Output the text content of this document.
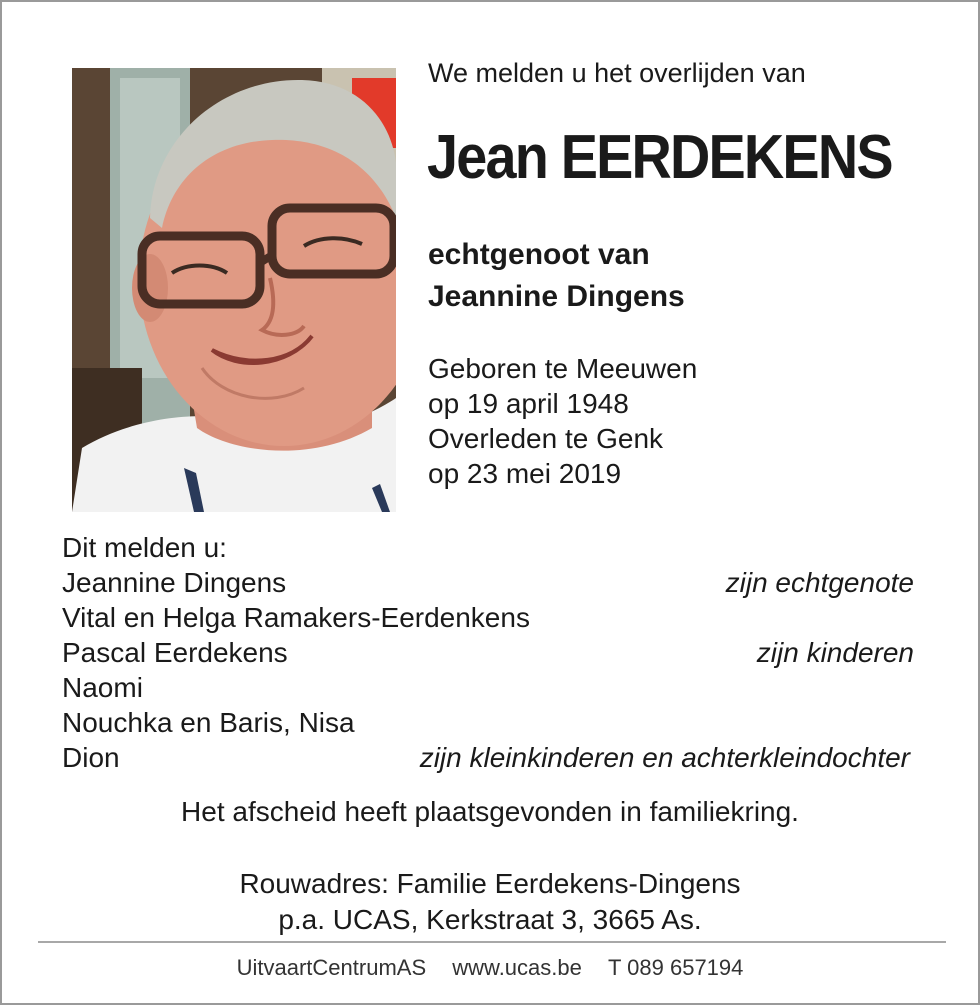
We melden u het overlijden van
Jean EERDEKENS
echtgenoot van
Jeannine Dingens
Geboren te Meeuwen
op 19 april 1948
Overleden te Genk
op 23 mei 2019
Dit melden u:
Jeannine Dingens	zijn echtgenote
Vital en Helga Ramakers-Eerdenkens
Pascal Eerdekens	zijn kinderen
Naomi
Nouchka en Baris, Nisa
Dion	zijn kleinkinderen en achterkleindochter
Het afscheid heeft plaatsgevonden in familiekring.
Rouwadres: Familie Eerdekens-Dingens
p.a. UCAS, Kerkstraat 3, 3665 As.
UitvaartCentrumAS www.ucas.be T 089 657194
